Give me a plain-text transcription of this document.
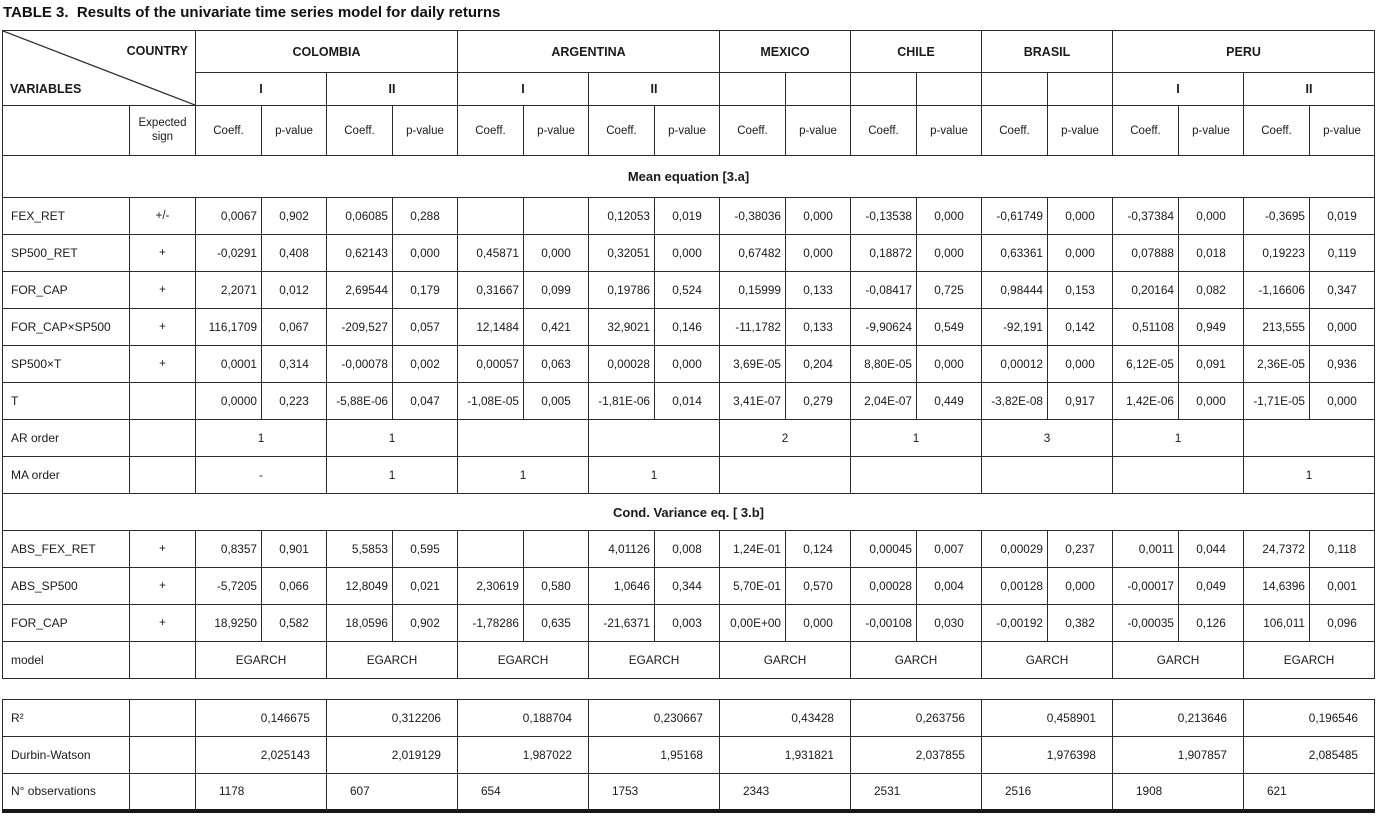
TABLE 3.  Results of the univariate time series model for daily returns
COUNTRY
VARIABLES		COLOMBIA				ARGENTINA				MEXICO		CHILE		BRASIL		PERU			
		I		II		I		II								I		II	
	Expected sign	Coeff.	p-value	Coeff.	p-value	Coeff.	p-value	Coeff.	p-value	Coeff.	p-value	Coeff.	p-value	Coeff.	p-value	Coeff.	p-value	Coeff.	p-value
Mean equation [3.a]																			
FEX_RET	+/-	0,0067	0,902	0,06085	0,288			0,12053	0,019	-0,38036	0,000	-0,13538	0,000	-0,61749	0,000	-0,37384	0,000	-0,3695	0,019
SP500_RET	+	-0,0291	0,408	0,62143	0,000	0,45871	0,000	0,32051	0,000	0,67482	0,000	0,18872	0,000	0,63361	0,000	0,07888	0,018	0,19223	0,119
FOR_CAP	+	2,2071	0,012	2,69544	0,179	0,31667	0,099	0,19786	0,524	0,15999	0,133	-0,08417	0,725	0,98444	0,153	0,20164	0,082	-1,16606	0,347
FOR_CAP×SP500	+	116,1709	0,067	-209,527	0,057	12,1484	0,421	32,9021	0,146	-11,1782	0,133	-9,90624	0,549	-92,191	0,142	0,51108	0,949	213,555	0,000
SP500×T	+	0,0001	0,314	-0,00078	0,002	0,00057	0,063	0,00028	0,000	3,69E-05	0,204	8,80E-05	0,000	0,00012	0,000	6,12E-05	0,091	2,36E-05	0,936
T		0,0000	0,223	-5,88E-06	0,047	-1,08E-05	0,005	-1,81E-06	0,014	3,41E-07	0,279	2,04E-07	0,449	-3,82E-08	0,917	1,42E-06	0,000	-1,71E-05	0,000
AR order		1		1						2		1		3		1			
MA order		-		1		1		1										1	
Cond. Variance eq. [ 3.b]																			
ABS_FEX_RET	+	0,8357	0,901	5,5853	0,595			4,01126	0,008	1,24E-01	0,124	0,00045	0,007	0,00029	0,237	0,0011	0,044	24,7372	0,118
ABS_SP500	+	-5,7205	0,066	12,8049	0,021	2,30619	0,580	1,0646	0,344	5,70E-01	0,570	0,00028	0,004	0,00128	0,000	-0,00017	0,049	14,6396	0,001
FOR_CAP	+	18,9250	0,582	18,0596	0,902	-1,78286	0,635	-21,6371	0,003	0,00E+00	0,000	-0,00108	0,030	-0,00192	0,382	-0,00035	0,126	106,011	0,096
model		EGARCH		EGARCH		EGARCH		EGARCH		GARCH		GARCH		GARCH		GARCH		EGARCH	
R²		0,146675	0,312206	0,188704	0,230667	0,43428	0,263756	0,458901	0,213646	0,196546
Durbin-Watson		2,025143	2,019129	1,987022	1,95168	1,931821	2,037855	1,976398	1,907857	2,085485
N° observations		1178	607	654	1753	2343	2531	2516	1908	621
